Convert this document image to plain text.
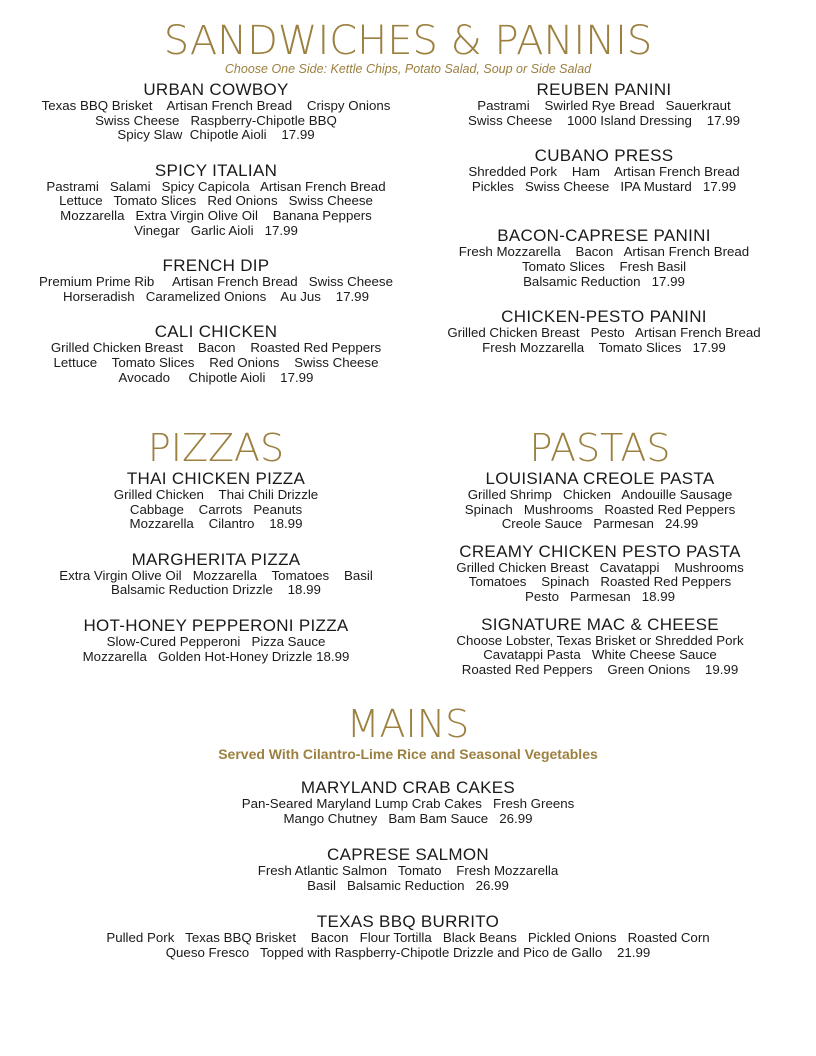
SANDWICHES & PANINIS
Choose One Side: Kettle Chips, Potato Salad, Soup or Side Salad
URBAN COWBOY
Texas BBQ Brisket    Artisan French Bread    Crispy Onions
Swiss Cheese   Raspberry-Chipotle BBQ
Spicy Slaw  Chipotle Aioli    17.99
SPICY ITALIAN
Pastrami   Salami   Spicy Capicola   Artisan French Bread
Lettuce   Tomato Slices   Red Onions   Swiss Cheese
Mozzarella   Extra Virgin Olive Oil    Banana Peppers
Vinegar   Garlic Aioli   17.99
FRENCH DIP
Premium Prime Rib     Artisan French Bread   Swiss Cheese
Horseradish   Caramelized Onions    Au Jus    17.99
CALI CHICKEN
Grilled Chicken Breast    Bacon    Roasted Red Peppers
Lettuce    Tomato Slices    Red Onions    Swiss Cheese
Avocado     Chipotle Aioli    17.99
REUBEN PANINI
Pastrami    Swirled Rye Bread   Sauerkraut
Swiss Cheese    1000 Island Dressing    17.99
CUBANO PRESS
Shredded Pork    Ham    Artisan French Bread
Pickles   Swiss Cheese   IPA Mustard   17.99
BACON-CAPRESE PANINI
Fresh Mozzarella    Bacon   Artisan French Bread
Tomato Slices    Fresh Basil
Balsamic Reduction   17.99
CHICKEN-PESTO PANINI
Grilled Chicken Breast   Pesto   Artisan French Bread
Fresh Mozzarella    Tomato Slices   17.99
PIZZAS
THAI CHICKEN PIZZA
Grilled Chicken    Thai Chili Drizzle
Cabbage    Carrots   Peanuts
Mozzarella    Cilantro    18.99
MARGHERITA PIZZA
Extra Virgin Olive Oil   Mozzarella    Tomatoes    Basil
Balsamic Reduction Drizzle    18.99
HOT-HONEY PEPPERONI PIZZA
Slow-Cured Pepperoni   Pizza Sauce
Mozzarella   Golden Hot-Honey Drizzle 18.99
PASTAS
LOUISIANA CREOLE PASTA
Grilled Shrimp   Chicken   Andouille Sausage
Spinach   Mushrooms   Roasted Red Peppers
Creole Sauce   Parmesan   24.99
CREAMY CHICKEN PESTO PASTA
Grilled Chicken Breast   Cavatappi    Mushrooms
Tomatoes    Spinach   Roasted Red Peppers
Pesto   Parmesan   18.99
SIGNATURE MAC & CHEESE
Choose Lobster, Texas Brisket or Shredded Pork
Cavatappi Pasta   White Cheese Sauce
Roasted Red Peppers    Green Onions    19.99
MAINS
Served With Cilantro-Lime Rice and Seasonal Vegetables
MARYLAND CRAB CAKES
Pan-Seared Maryland Lump Crab Cakes   Fresh Greens
Mango Chutney   Bam Bam Sauce   26.99
CAPRESE SALMON
Fresh Atlantic Salmon   Tomato    Fresh Mozzarella
Basil   Balsamic Reduction   26.99
TEXAS BBQ BURRITO
Pulled Pork   Texas BBQ Brisket    Bacon   Flour Tortilla   Black Beans   Pickled Onions   Roasted Corn
Queso Fresco   Topped with Raspberry-Chipotle Drizzle and Pico de Gallo    21.99
